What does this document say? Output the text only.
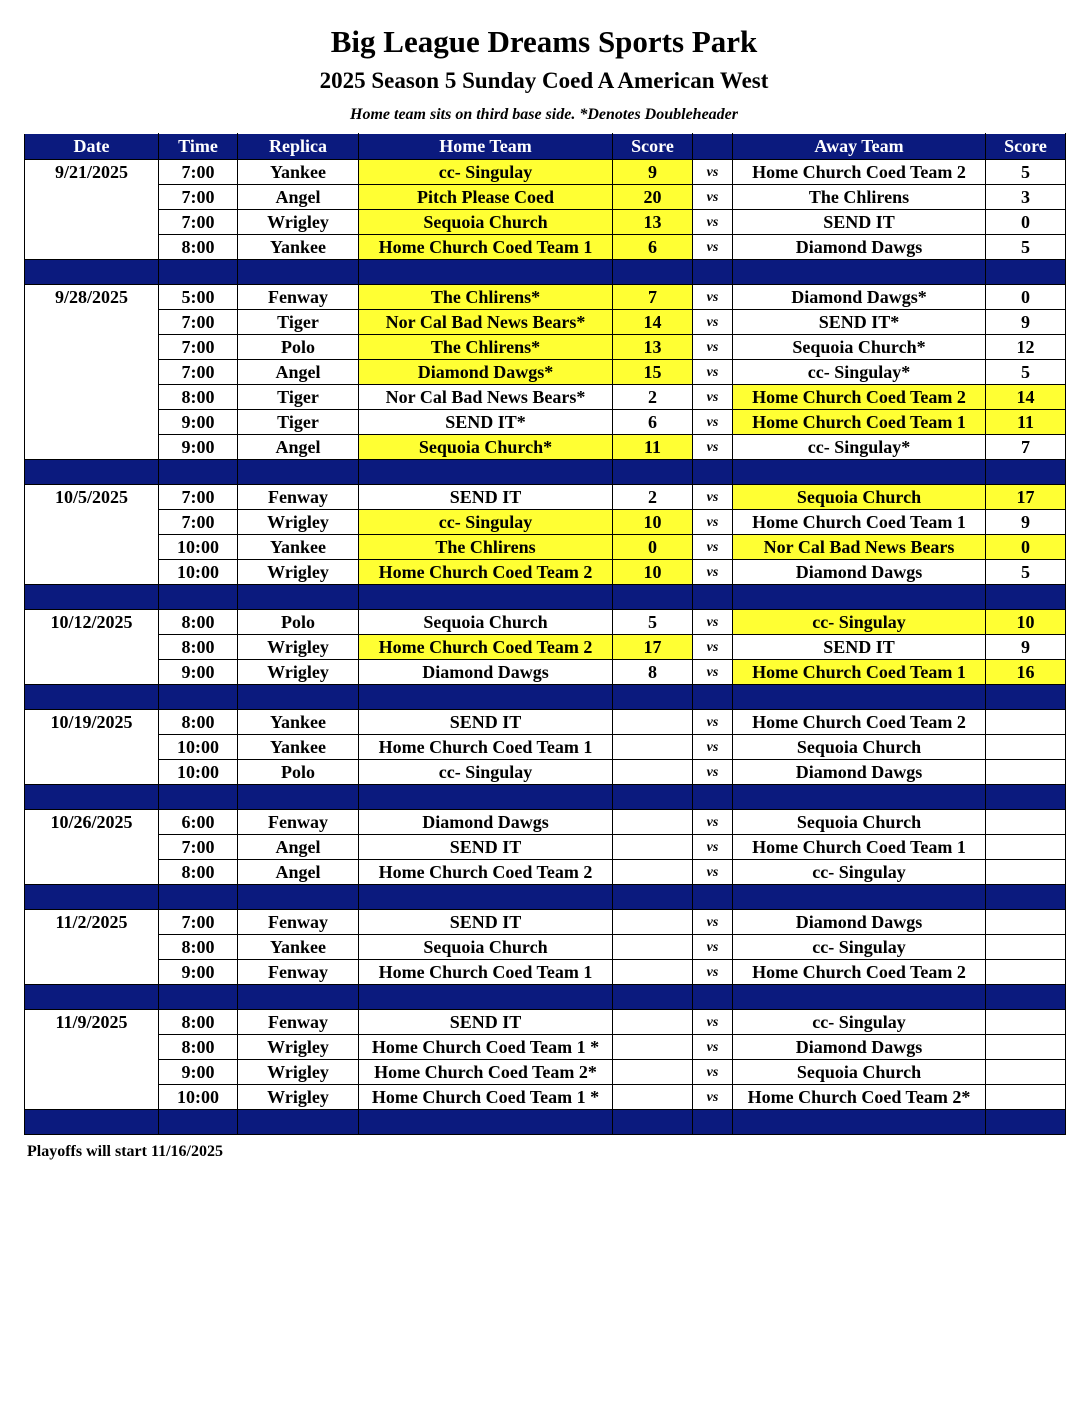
Big League Dreams Sports Park
2025 Season 5 Sunday Coed A American West
Home team sits on third base side. *Denotes Doubleheader
Date	Time	Replica	Home Team	Score		Away Team	Score
9/21/2025	7:00	Yankee	cc- Singulay	9	vs	Home Church Coed Team 2	5
	7:00	Angel	Pitch Please Coed	20	vs	The Chlirens	3
	7:00	Wrigley	Sequoia Church	13	vs	SEND IT	0
	8:00	Yankee	Home Church Coed Team 1	6	vs	Diamond Dawgs	5

9/28/2025	5:00	Fenway	The Chlirens*	7	vs	Diamond Dawgs*	0
	7:00	Tiger	Nor Cal Bad News Bears*	14	vs	SEND IT*	9
	7:00	Polo	The Chlirens*	13	vs	Sequoia Church*	12
	7:00	Angel	Diamond Dawgs*	15	vs	cc- Singulay*	5
	8:00	Tiger	Nor Cal Bad News Bears*	2	vs	Home Church Coed Team 2	14
	9:00	Tiger	SEND IT*	6	vs	Home Church Coed Team 1	11
	9:00	Angel	Sequoia Church*	11	vs	cc- Singulay*	7

10/5/2025	7:00	Fenway	SEND IT	2	vs	Sequoia Church	17
	7:00	Wrigley	cc- Singulay	10	vs	Home Church Coed Team 1	9
	10:00	Yankee	The Chlirens	0	vs	Nor Cal Bad News Bears	0
	10:00	Wrigley	Home Church Coed Team 2	10	vs	Diamond Dawgs	5

10/12/2025	8:00	Polo	Sequoia Church	5	vs	cc- Singulay	10
	8:00	Wrigley	Home Church Coed Team 2	17	vs	SEND IT	9
	9:00	Wrigley	Diamond Dawgs	8	vs	Home Church Coed Team 1	16

10/19/2025	8:00	Yankee	SEND IT		vs	Home Church Coed Team 2	
	10:00	Yankee	Home Church Coed Team 1		vs	Sequoia Church	
	10:00	Polo	cc- Singulay		vs	Diamond Dawgs	

10/26/2025	6:00	Fenway	Diamond Dawgs		vs	Sequoia Church	
	7:00	Angel	SEND IT		vs	Home Church Coed Team 1	
	8:00	Angel	Home Church Coed Team 2		vs	cc- Singulay	

11/2/2025	7:00	Fenway	SEND IT		vs	Diamond Dawgs	
	8:00	Yankee	Sequoia Church		vs	cc- Singulay	
	9:00	Fenway	Home Church Coed Team 1		vs	Home Church Coed Team 2	

11/9/2025	8:00	Fenway	SEND IT		vs	cc- Singulay	
	8:00	Wrigley	Home Church Coed Team 1 *		vs	Diamond Dawgs	
	9:00	Wrigley	Home Church Coed Team 2*		vs	Sequoia Church	
	10:00	Wrigley	Home Church Coed Team 1 *		vs	Home Church Coed Team 2*	

Playoffs will start 11/16/2025
